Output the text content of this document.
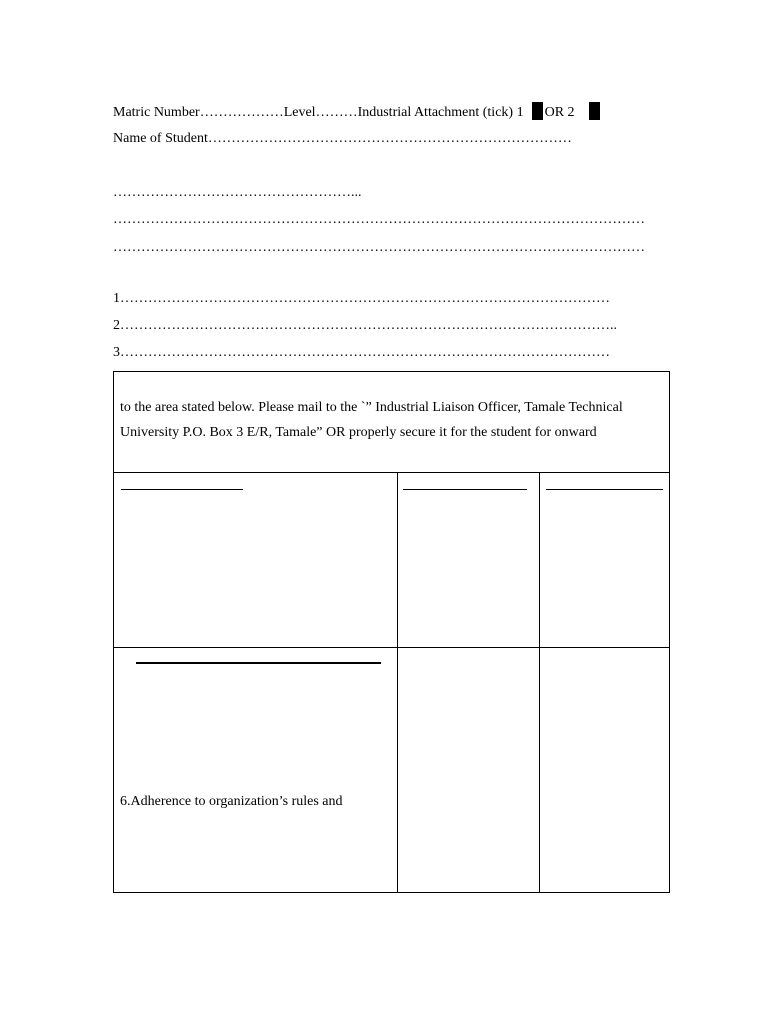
Matric Number………………Level………Industrial Attachment (tick) 1 OR 2
Name of Student……………………………………………………………………
……………………………………………...
……………………………………………………………………………………………………
……………………………………………………………………………………………………
1……………………………………………………………………………………………
2……………………………………………………………………………………………..
3……………………………………………………………………………………………
to the area stated below. Please mail to the `” Industrial Liaison Officer, Tamale Technical
University P.O. Box 3 E/R, Tamale” OR properly secure it for the student for onward
6.Adherence to organization’s rules and
